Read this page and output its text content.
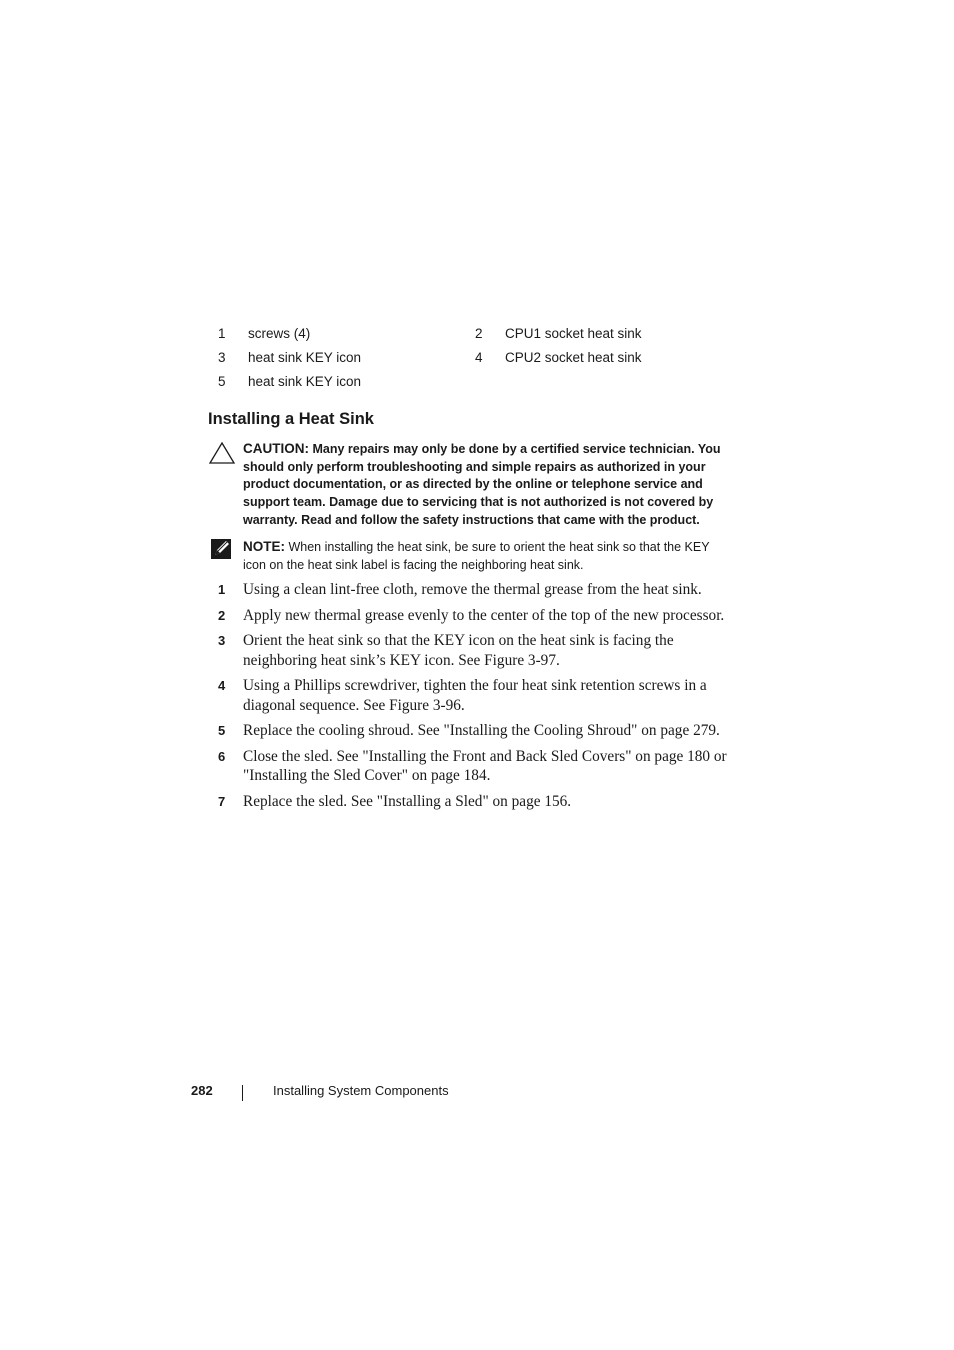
1	screws (4)	2	CPU1 socket heat sink
3	heat sink KEY icon	4	CPU2 socket heat sink
5	heat sink KEY icon
Installing a Heat Sink
CAUTION: Many repairs may only be done by a certified service technician. You should only perform troubleshooting and simple repairs as authorized in your product documentation, or as directed by the online or telephone service and support team. Damage due to servicing that is not authorized is not covered by warranty. Read and follow the safety instructions that came with the product.
NOTE: When installing the heat sink, be sure to orient the heat sink so that the KEY icon on the heat sink label is facing the neighboring heat sink.
1 Using a clean lint-free cloth, remove the thermal grease from the heat sink.
2 Apply new thermal grease evenly to the center of the top of the new processor.
3 Orient the heat sink so that the KEY icon on the heat sink is facing the neighboring heat sink’s KEY icon. See Figure 3-97.
4 Using a Phillips screwdriver, tighten the four heat sink retention screws in a diagonal sequence. See Figure 3-96.
5 Replace the cooling shroud. See "Installing the Cooling Shroud" on page 279.
6 Close the sled. See "Installing the Front and Back Sled Covers" on page 180 or "Installing the Sled Cover" on page 184.
7 Replace the sled. See "Installing a Sled" on page 156.
282	Installing System Components
